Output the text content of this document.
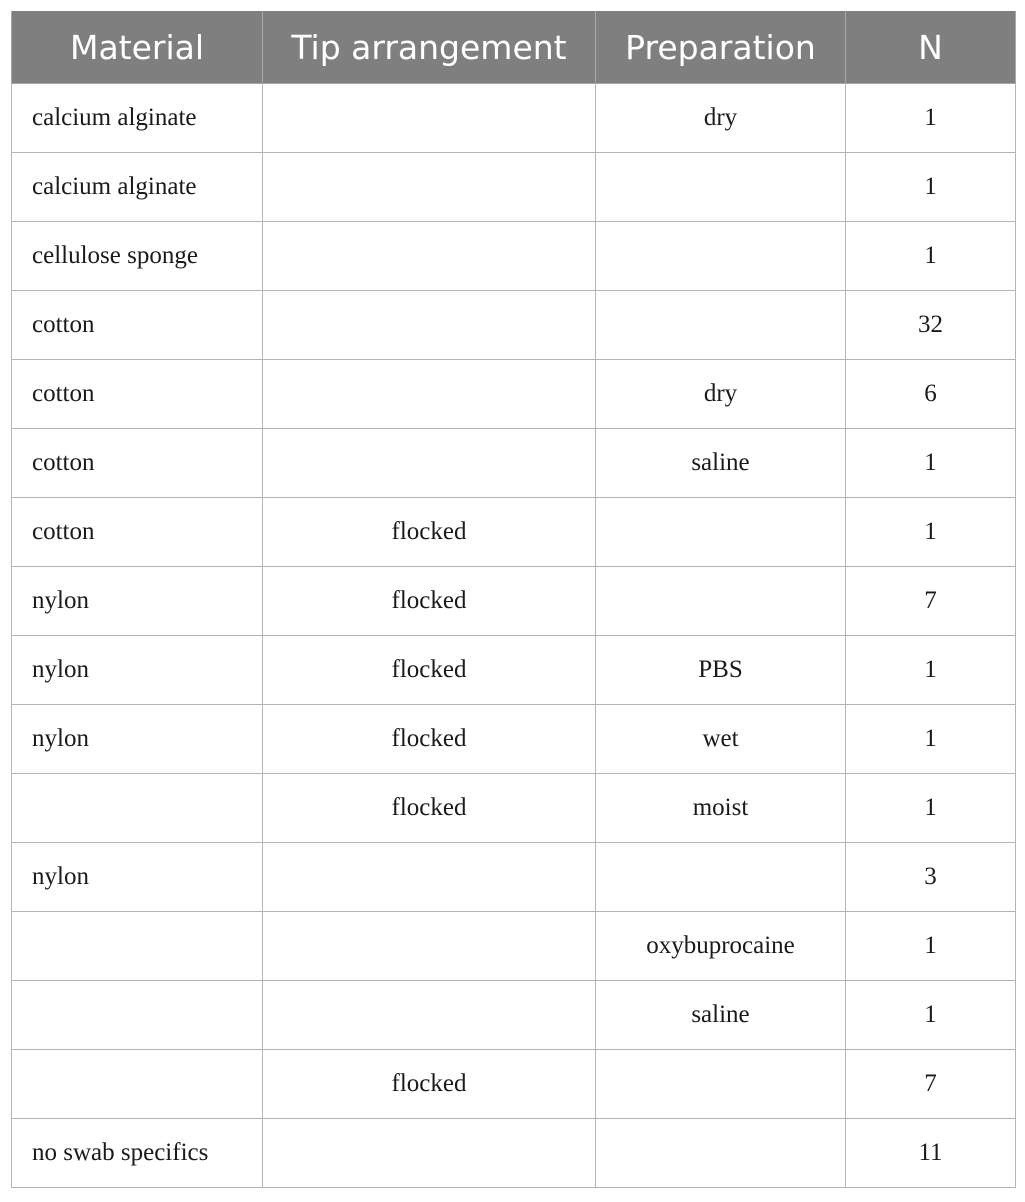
Material	Tip arrangement	Preparation	N
calcium alginate		dry	1
calcium alginate			1
cellulose sponge			1
cotton			32
cotton		dry	6
cotton		saline	1
cotton	flocked		1
nylon	flocked		7
nylon	flocked	PBS	1
nylon	flocked	wet	1
	flocked	moist	1
nylon			3
		oxybuprocaine	1
		saline	1
	flocked		7
no swab specifics			11
